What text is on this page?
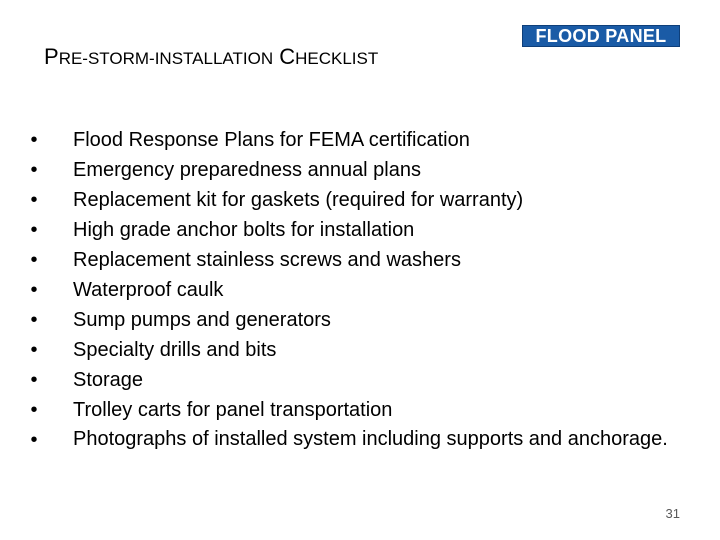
PRE-STORM-INSTALLATION CHECKLIST
FLOOD PANEL
• Flood Response Plans for FEMA certification
• Emergency preparedness annual plans
• Replacement kit for gaskets (required for warranty)
• High grade anchor bolts for installation
• Replacement stainless screws and washers
• Waterproof caulk
• Sump pumps and generators
• Specialty drills and bits
• Storage
• Trolley carts for panel transportation
• Photographs of installed system including supports and anchorage.
31
